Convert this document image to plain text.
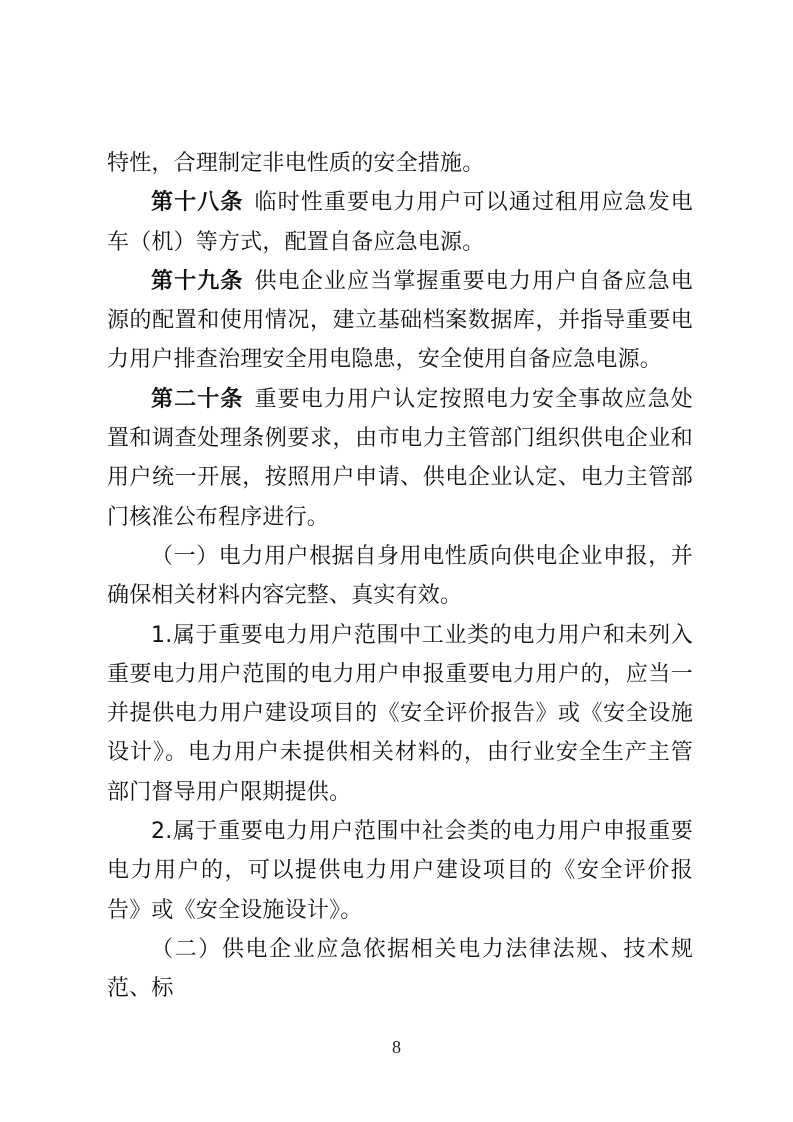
特性，合理制定非电性质的安全措施。

第十八条 临时性重要电力用户可以通过租用应急发电车（机）等方式，配置自备应急电源。

第十九条 供电企业应当掌握重要电力用户自备应急电源的配置和使用情况，建立基础档案数据库，并指导重要电力用户排查治理安全用电隐患，安全使用自备应急电源。

第二十条 重要电力用户认定按照电力安全事故应急处置和调查处理条例要求，由市电力主管部门组织供电企业和用户统一开展，按照用户申请、供电企业认定、电力主管部门核准公布程序进行。

（一）电力用户根据自身用电性质向供电企业申报，并确保相关材料内容完整、真实有效。

1.属于重要电力用户范围中工业类的电力用户和未列入重要电力用户范围的电力用户申报重要电力用户的，应当一并提供电力用户建设项目的《安全评价报告》或《安全设施设计》。电力用户未提供相关材料的，由行业安全生产主管部门督导用户限期提供。

2.属于重要电力用户范围中社会类的电力用户申报重要电力用户的，可以提供电力用户建设项目的《安全评价报告》或《安全设施设计》。

（二）供电企业应急依据相关电力法律法规、技术规范、标

8
